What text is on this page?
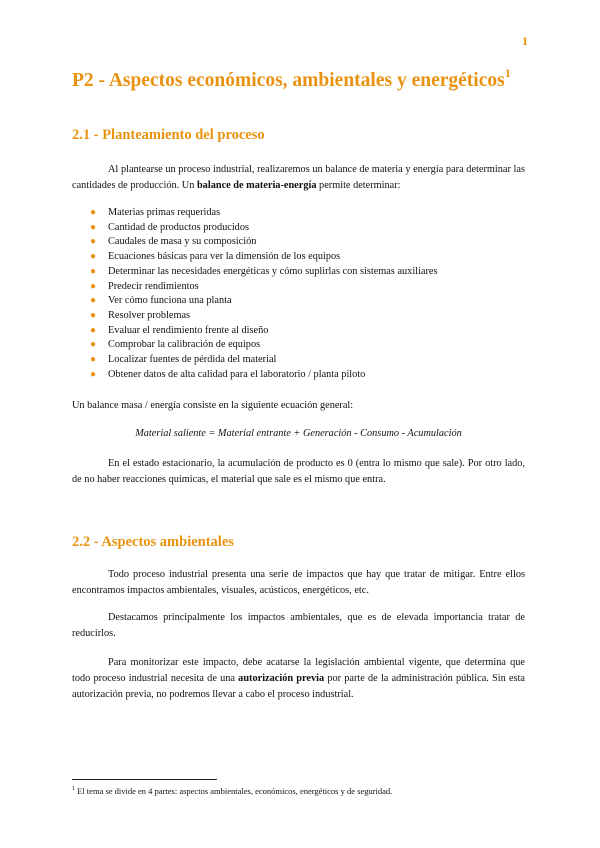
1
P2 - Aspectos económicos, ambientales y energéticos$^1$
2.1 - Planteamiento del proceso

Al plantearse un proceso industrial, realizaremos un balance de materia y energía para determinar las cantidades de producción. Un balance de materia-energía permite determinar:

● Materias primas requeridas
● Cantidad de productos producidos
● Caudales de masa y su composición
● Ecuaciones básicas para ver la dimensión de los equipos
● Determinar las necesidades energéticas y cómo suplirlas con sistemas auxiliares
● Predecir rendimientos
● Ver cómo funciona una planta
● Resolver problemas
● Evaluar el rendimiento frente al diseño
● Comprobar la calibración de equipos
● Localizar fuentes de pérdida del material
● Obtener datos de alta calidad para el laboratorio / planta piloto

Un balance masa / energía consiste en la siguiente ecuación general:

Material saliente = Material entrante + Generación - Consumo - Acumulación

En el estado estacionario, la acumulación de producto es 0 (entra lo mismo que sale). Por otro lado, de no haber reacciones químicas, el material que sale es el mismo que entra.

2.2 - Aspectos ambientales

Todo proceso industrial presenta una serie de impactos que hay que tratar de mitigar. Entre ellos encontramos impactos ambientales, visuales, acústicos, energéticos, etc.

Destacamos principalmente los impactos ambientales, que es de elevada importancia tratar de reducirlos.

Para monitorizar este impacto, debe acatarse la legislación ambiental vigente, que determina que todo proceso industrial necesita de una autorización previa por parte de la administración pública. Sin esta autorización previa, no podremos llevar a cabo el proceso industrial.

$^1$ El tema se divide en 4 partes: aspectos ambientales, económicos, energéticos y de seguridad.
